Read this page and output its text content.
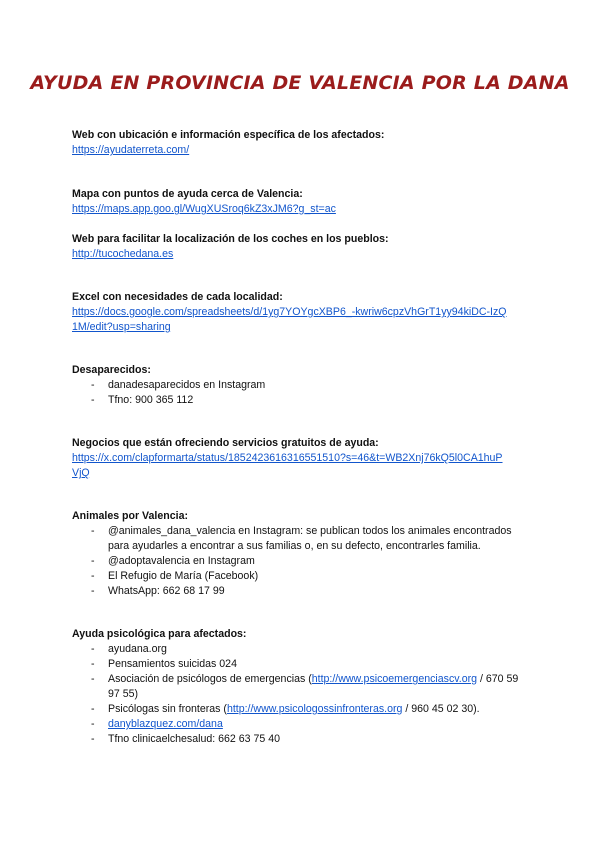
AYUDA EN PROVINCIA DE VALENCIA POR LA DANA
Web con ubicación e información específica de los afectados:
https://ayudaterreta.com/
Mapa con puntos de ayuda cerca de Valencia:
https://maps.app.goo.gl/WugXUSroq6kZ3xJM6?g_st=ac
Web para facilitar la localización de los coches en los pueblos:
http://tucochedana.es
Excel con necesidades de cada localidad:
https://docs.google.com/spreadsheets/d/1yg7YOYgcXBP6_-kwriw6cpzVhGrT1yy94kiDC-IzQ
1M/edit?usp=sharing
Desaparecidos:
- danadesaparecidos en Instagram
- Tfno: 900 365 112
Negocios que están ofreciendo servicios gratuitos de ayuda:
https://x.com/clapformarta/status/1852423616316551510?s=46&t=WB2Xnj76kQ5l0CA1huP
VjQ
Animales por Valencia:
- @animales_dana_valencia en Instagram: se publican todos los animales encontrados para ayudarles a encontrar a sus familias o, en su defecto, encontrarles familia.
- @adoptavalencia en Instagram
- El Refugio de María (Facebook)
- WhatsApp: 662 68 17 99
Ayuda psicológica para afectados:
- ayudana.org
- Pensamientos suicidas 024
- Asociación de psicólogos de emergencias (http://www.psicoemergenciascv.org / 670 59 97 55)
- Psicólogas sin fronteras (http://www.psicologossinfronteras.org / 960 45 02 30).
- danyblazquez.com/dana
- Tfno clinicaelchesalud: 662 63 75 40
